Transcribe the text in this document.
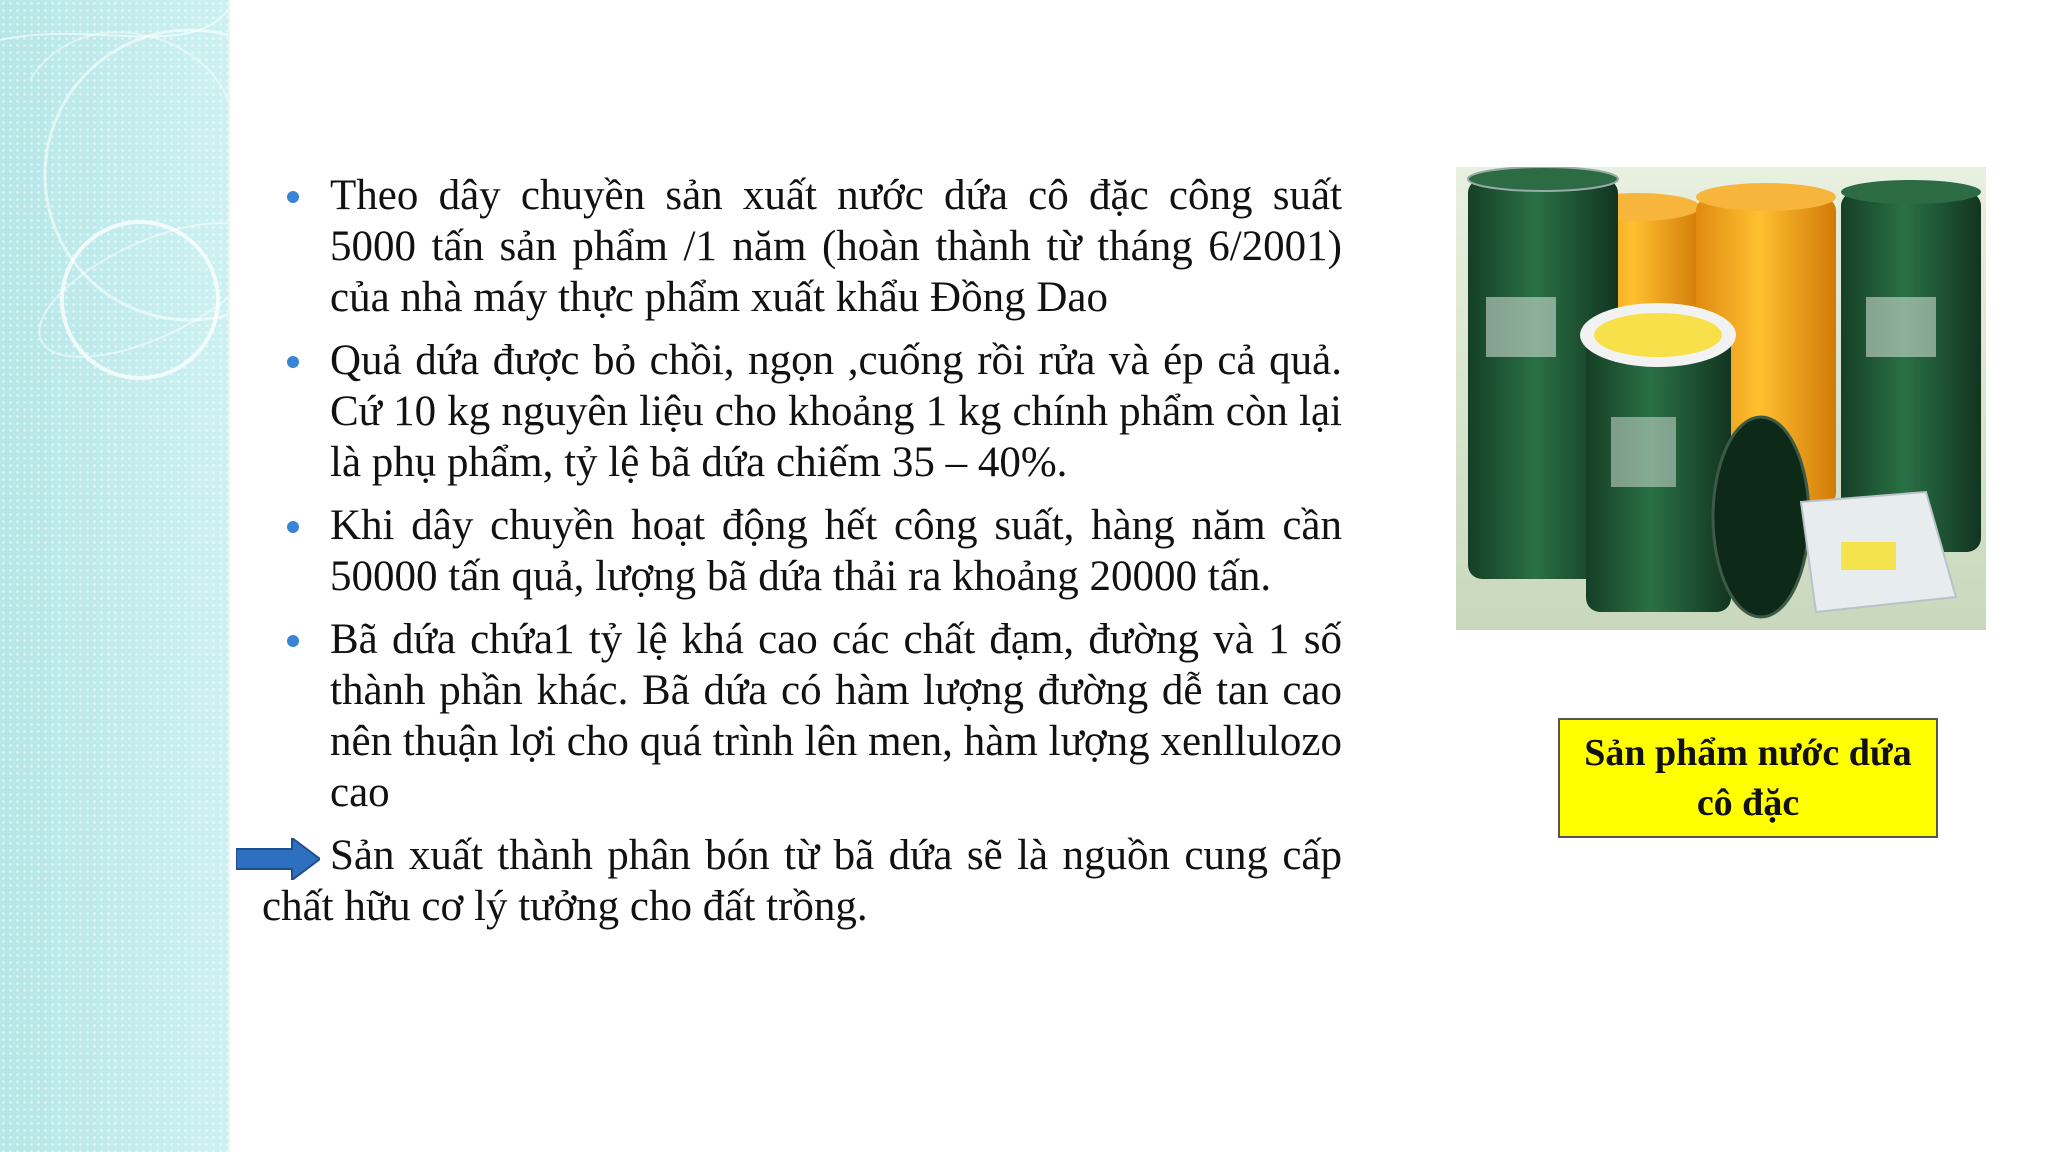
Theo dây chuyền sản xuất nước dứa cô đặc công suất 5000 tấn sản phẩm /1 năm (hoàn thành từ tháng 6/2001) của nhà máy thực phẩm xuất khẩu Đồng Dao
Quả dứa được bỏ chồi, ngọn ,cuống rồi rửa và ép cả quả. Cứ 10 kg nguyên liệu cho khoảng 1 kg chính phẩm còn lại là phụ phẩm, tỷ lệ bã dứa chiếm 35 – 40%.
Khi dây chuyền hoạt động hết công suất, hàng năm cần 50000 tấn quả, lượng bã dứa thải ra khoảng 20000 tấn.
Bã dứa chứa1 tỷ lệ khá cao các chất đạm, đường và 1 số thành phần khác. Bã dứa có hàm lượng đường dễ tan cao nên thuận lợi cho quá trình lên men, hàm lượng xenllulozo cao
Sản xuất thành phân bón từ bã dứa sẽ là nguồn cung cấp chất hữu cơ lý tưởng cho đất trồng.
Sản phẩm nước dứa cô đặc
